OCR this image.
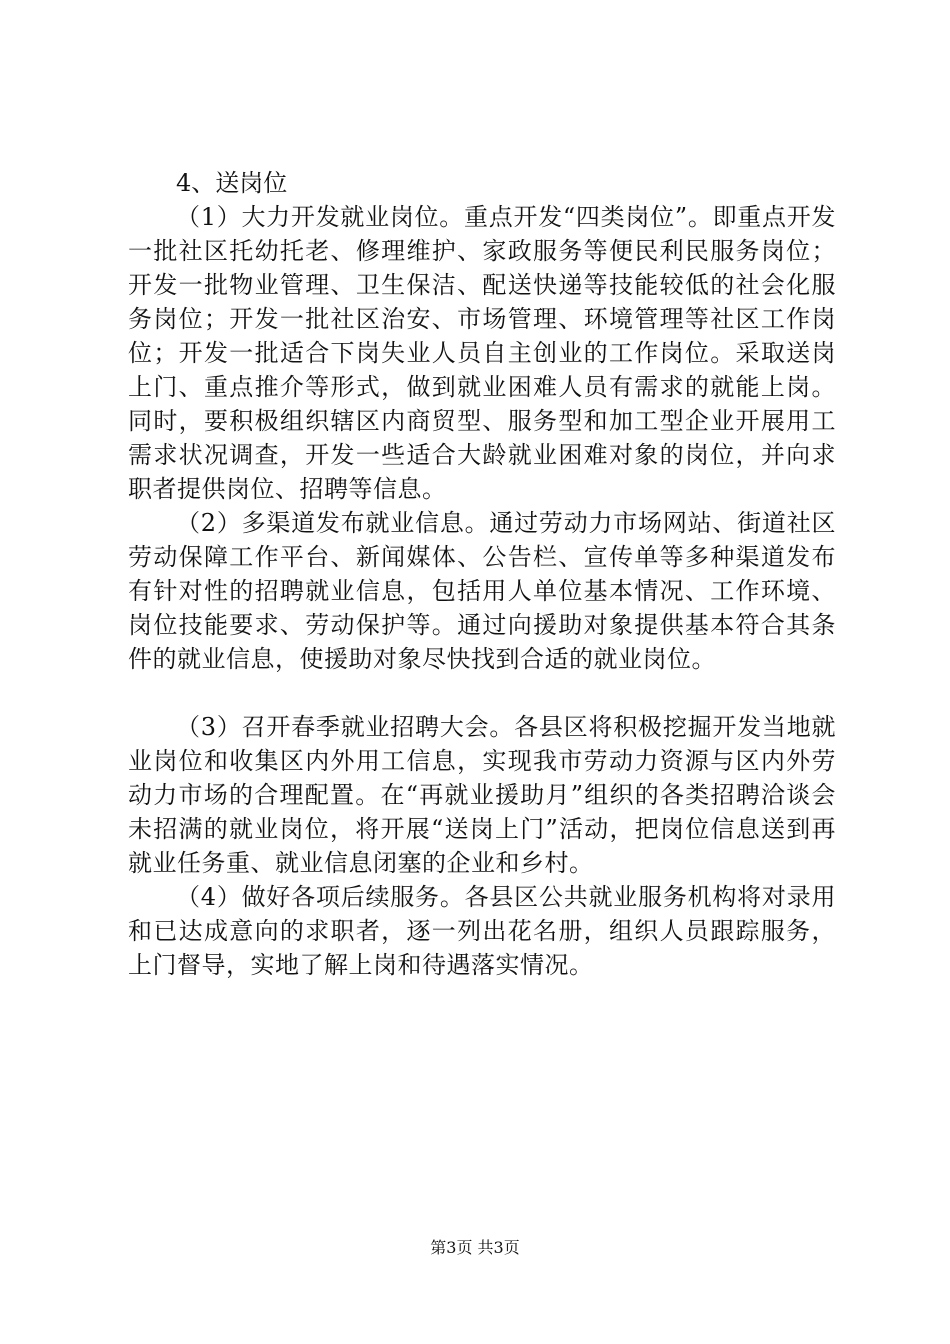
4、送岗位

（1）大力开发就业岗位。重点开发“四类岗位”。即重点开发一批社区托幼托老、修理维护、家政服务等便民利民服务岗位；开发一批物业管理、卫生保洁、配送快递等技能较低的社会化服务岗位；开发一批社区治安、市场管理、环境管理等社区工作岗位；开发一批适合下岗失业人员自主创业的工作岗位。采取送岗上门、重点推介等形式，做到就业困难人员有需求的就能上岗。同时，要积极组织辖区内商贸型、服务型和加工型企业开展用工需求状况调查，开发一些适合大龄就业困难对象的岗位，并向求职者提供岗位、招聘等信息。

（2）多渠道发布就业信息。通过劳动力市场网站、街道社区劳动保障工作平台、新闻媒体、公告栏、宣传单等多种渠道发布有针对性的招聘就业信息，包括用人单位基本情况、工作环境、岗位技能要求、劳动保护等。通过向援助对象提供基本符合其条件的就业信息，使援助对象尽快找到合适的就业岗位。

（3）召开春季就业招聘大会。各县区将积极挖掘开发当地就业岗位和收集区内外用工信息，实现我市劳动力资源与区内外劳动力市场的合理配置。在“再就业援助月”组织的各类招聘洽谈会未招满的就业岗位，将开展“送岗上门”活动，把岗位信息送到再就业任务重、就业信息闭塞的企业和乡村。

（4）做好各项后续服务。各县区公共就业服务机构将对录用和已达成意向的求职者，逐一列出花名册，组织人员跟踪服务，上门督导，实地了解上岗和待遇落实情况。

第3页 共3页
